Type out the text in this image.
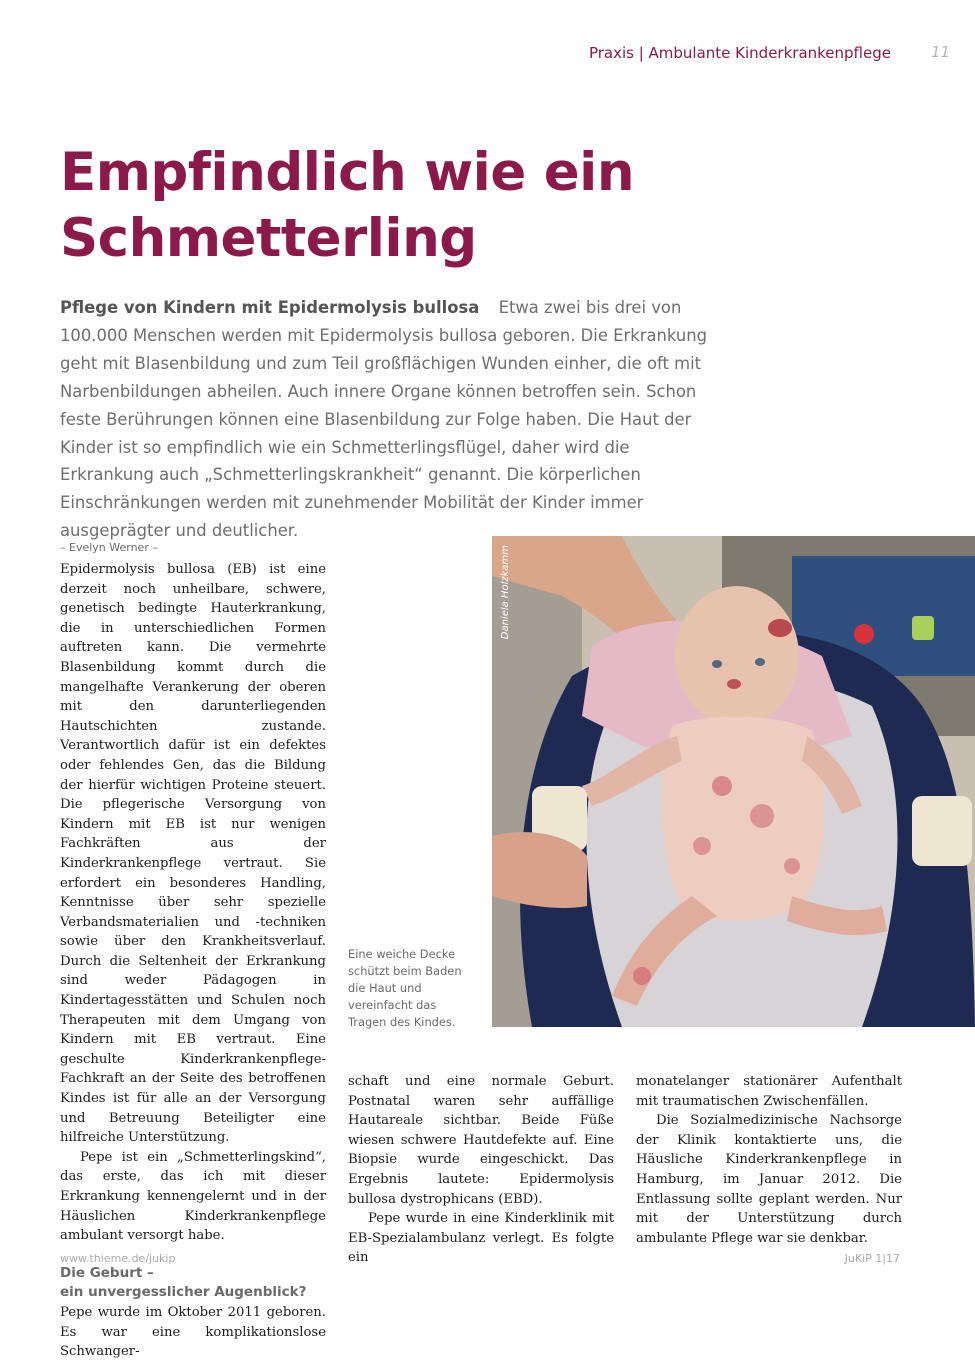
Praxis | Ambulante Kinderkrankenpflege	11
Empfindlich wie ein
Schmetterling

Pflege von Kindern mit Epidermolysis bullosa Etwa zwei bis drei von 100.000 Menschen werden mit Epidermolysis bullosa geboren. Die Erkrankung geht mit Blasenbildung und zum Teil großflächigen Wunden einher, die oft mit Narbenbildungen abheilen. Auch innere Organe können betroffen sein. Schon feste Berührungen können eine Blasenbildung zur Folge haben. Die Haut der Kinder ist so empfindlich wie ein Schmetterlingsflügel, daher wird die Erkrankung auch „Schmetterlingskrankheit“ genannt. Die körperlichen Einschränkungen werden mit zunehmender Mobilität der Kinder immer ausgeprägter und deutlicher.

– Evelyn Werner –

Epidermolysis bullosa (EB) ist eine derzeit noch unheilbare, schwere, genetisch bedingte Hauterkrankung, die in unterschiedlichen Formen auftreten kann. Die vermehrte Blasenbildung kommt durch die mangelhafte Verankerung der oberen mit den darunterliegenden Hautschichten zustande. Verantwortlich dafür ist ein defektes oder fehlendes Gen, das die Bildung der hierfür wichtigen Proteine steuert. Die pflegerische Versorgung von Kindern mit EB ist nur wenigen Fachkräften aus der Kinderkrankenpflege vertraut. Sie erfordert ein besonderes Handling, Kenntnisse über sehr spezielle Verbandsmaterialien und -techniken sowie über den Krankheitsverlauf. Durch die Seltenheit der Erkrankung sind weder Pädagogen in Kindertagesstätten und Schulen noch Therapeuten mit dem Umgang von Kindern mit EB vertraut. Eine geschulte Kinderkrankenpflege-Fachkraft an der Seite des betroffenen Kindes ist für alle an der Versorgung und Betreuung Beteiligter eine hilfreiche Unterstützung.

Pepe ist ein „Schmetterlingskind“, das erste, das ich mit dieser Erkrankung kennengelernt und in der Häuslichen Kinderkrankenpflege ambulant versorgt habe.

Die Geburt –
ein unvergesslicher Augenblick?

Pepe wurde im Oktober 2011 geboren. Es war eine komplikationslose Schwanger-

Daniela Holzkamm
Eine weiche Decke schützt beim Baden die Haut und vereinfacht das Tragen des Kindes.

schaft und eine normale Geburt. Postnatal waren sehr auffällige Hautareale sichtbar. Beide Füße wiesen schwere Hautdefekte auf. Eine Biopsie wurde eingeschickt. Das Ergebnis lautete: Epidermolysis bullosa dystrophicans (EBD).

Pepe wurde in eine Kinderklinik mit EB-Spezialambulanz verlegt. Es folgte ein

monatelanger stationärer Aufenthalt mit traumatischen Zwischenfällen.

Die Sozialmedizinische Nachsorge der Klinik kontaktierte uns, die Häusliche Kinderkrankenpflege in Hamburg, im Januar 2012. Die Entlassung sollte geplant werden. Nur mit der Unterstützung durch ambulante Pflege war sie denkbar.

www.thieme.de/jukip	JuKiP 1|17
